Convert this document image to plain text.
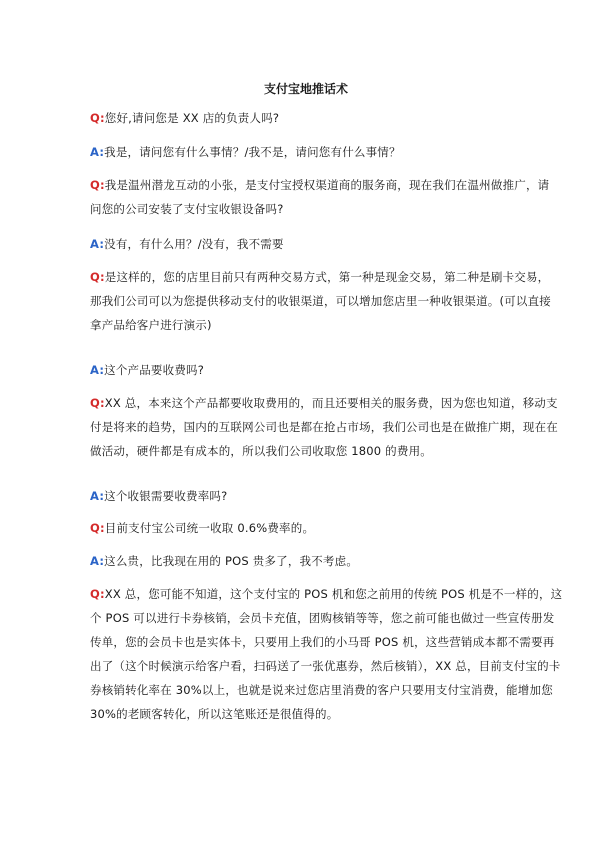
支付宝地推话术
Q:您好,请问您是 XX 店的负责人吗?
A:我是，请问您有什么事情？/我不是，请问您有什么事情？
Q:我是温州潜龙互动的小张，是支付宝授权渠道商的服务商，现在我们在温州做推广，请
问您的公司安装了支付宝收银设备吗?
A:没有，有什么用？/没有，我不需要
Q:是这样的，您的店里目前只有两种交易方式，第一种是现金交易，第二种是刷卡交易，
那我们公司可以为您提供移动支付的收银渠道，可以增加您店里一种收银渠道。(可以直接
拿产品给客户进行演示)
A:这个产品要收费吗?
Q:XX 总，本来这个产品都要收取费用的，而且还要相关的服务费，因为您也知道，移动支
付是将来的趋势，国内的互联网公司也是都在抢占市场，我们公司也是在做推广期，现在在
做活动，硬件都是有成本的，所以我们公司收取您 1800 的费用。
A:这个收银需要收费率吗?
Q:目前支付宝公司统一收取 0.6%费率的。
A:这么贵，比我现在用的 POS 贵多了，我不考虑。
Q:XX 总，您可能不知道，这个支付宝的 POS 机和您之前用的传统 POS 机是不一样的，这
个 POS 可以进行卡券核销，会员卡充值，团购核销等等，您之前可能也做过一些宣传册发
传单，您的会员卡也是实体卡，只要用上我们的小马哥 POS 机，这些营销成本都不需要再
出了（这个时候演示给客户看，扫码送了一张优惠券，然后核销），XX 总，目前支付宝的卡
券核销转化率在 30%以上，也就是说来过您店里消费的客户只要用支付宝消费，能增加您
30%的老顾客转化，所以这笔账还是很值得的。
